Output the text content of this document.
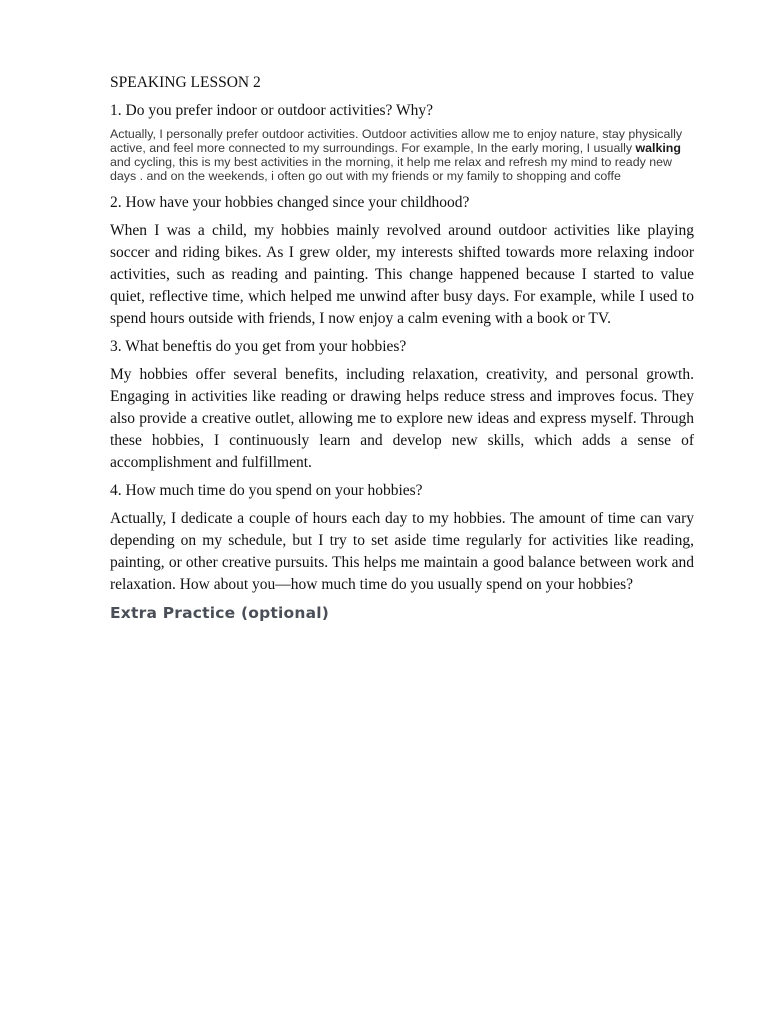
SPEAKING LESSON 2

1. Do you prefer indoor or outdoor activities? Why?

Actually, I personally prefer outdoor activities. Outdoor activities allow me to enjoy nature, stay physically active, and feel more connected to my surroundings. For example, In the early moring, I usually walking and cycling, this is my best activities in the morning, it help me relax and refresh my mind to ready new days . and on the weekends, i often go out with my friends or my family to shopping and coffe

2. How have your hobbies changed since your childhood?

When I was a child, my hobbies mainly revolved around outdoor activities like playing soccer and riding bikes. As I grew older, my interests shifted towards more relaxing indoor activities, such as reading and painting. This change happened because I started to value quiet, reflective time, which helped me unwind after busy days. For example, while I used to spend hours outside with friends, I now enjoy a calm evening with a book or TV.

3. What beneftis do you get from your hobbies?

My hobbies offer several benefits, including relaxation, creativity, and personal growth. Engaging in activities like reading or drawing helps reduce stress and improves focus. They also provide a creative outlet, allowing me to explore new ideas and express myself. Through these hobbies, I continuously learn and develop new skills, which adds a sense of accomplishment and fulfillment.

4. How much time do you spend on your hobbies?

Actually, I dedicate a couple of hours each day to my hobbies. The amount of time can vary depending on my schedule, but I try to set aside time regularly for activities like reading, painting, or other creative pursuits. This helps me maintain a good balance between work and relaxation. How about you—how much time do you usually spend on your hobbies?

Extra Practice (optional)
